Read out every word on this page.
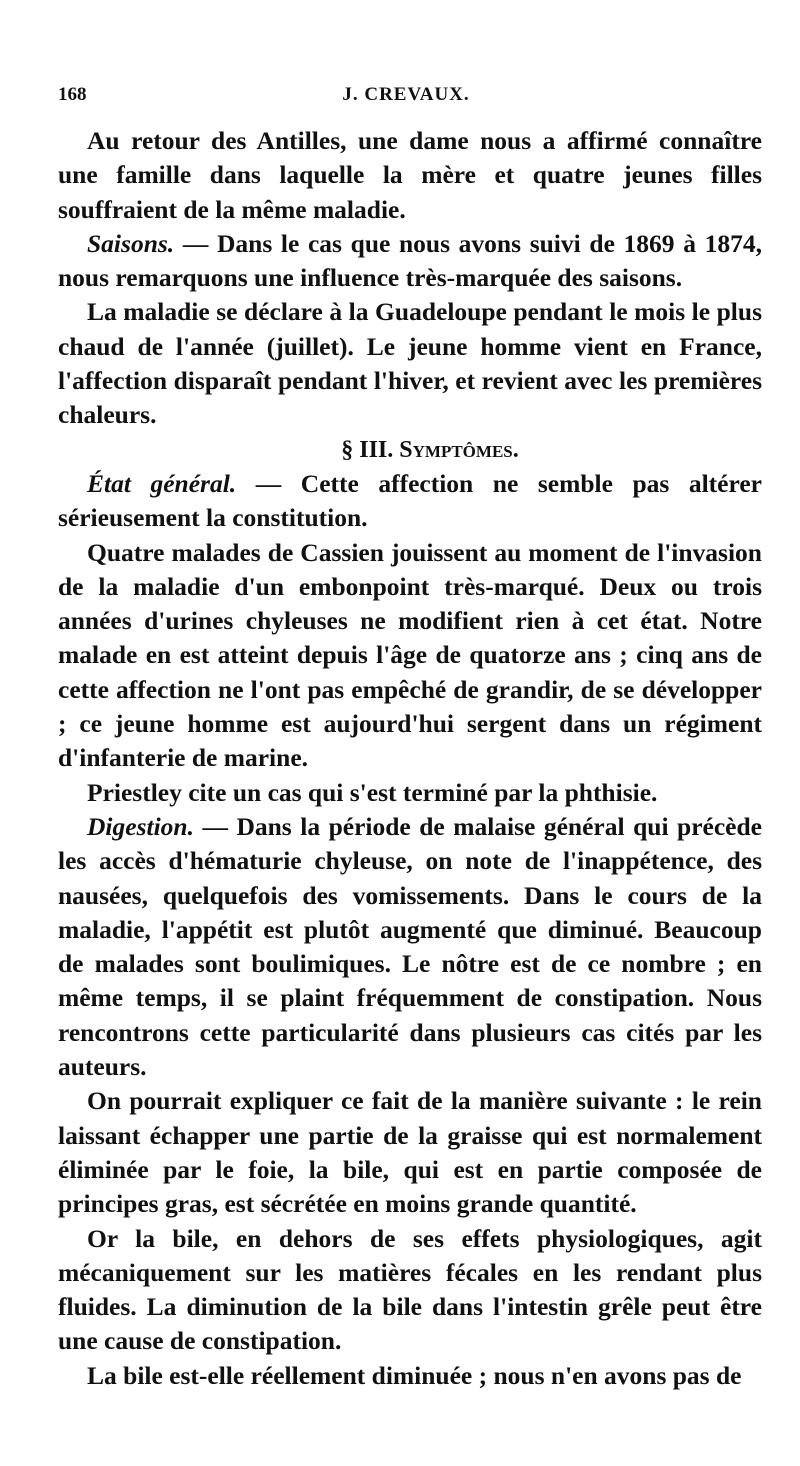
168	J. CREVAUX.

Au retour des Antilles, une dame nous a affirmé connaître une famille dans laquelle la mère et quatre jeunes filles souffraient de la même maladie.

Saisons. — Dans le cas que nous avons suivi de 1869 à 1874, nous remarquons une influence très-marquée des saisons.

La maladie se déclare à la Guadeloupe pendant le mois le plus chaud de l'année (juillet). Le jeune homme vient en France, l'affection disparaît pendant l'hiver, et revient avec les premières chaleurs.

§ III. Symptômes.

État général. — Cette affection ne semble pas altérer sérieusement la constitution.

Quatre malades de Cassien jouissent au moment de l'invasion de la maladie d'un embonpoint très-marqué. Deux ou trois années d'urines chyleuses ne modifient rien à cet état. Notre malade en est atteint depuis l'âge de quatorze ans ; cinq ans de cette affection ne l'ont pas empêché de grandir, de se développer ; ce jeune homme est aujourd'hui sergent dans un régiment d'infanterie de marine.

Priestley cite un cas qui s'est terminé par la phthisie.

Digestion. — Dans la période de malaise général qui précède les accès d'hématurie chyleuse, on note de l'inappétence, des nausées, quelquefois des vomissements. Dans le cours de la maladie, l'appétit est plutôt augmenté que diminué. Beaucoup de malades sont boulimiques. Le nôtre est de ce nombre ; en même temps, il se plaint fréquemment de constipation. Nous rencontrons cette particularité dans plusieurs cas cités par les auteurs.

On pourrait expliquer ce fait de la manière suivante : le rein laissant échapper une partie de la graisse qui est normalement éliminée par le foie, la bile, qui est en partie composée de principes gras, est sécrétée en moins grande quantité.

Or la bile, en dehors de ses effets physiologiques, agit mécaniquement sur les matières fécales en les rendant plus fluides. La diminution de la bile dans l'intestin grêle peut être une cause de constipation.

La bile est-elle réellement diminuée ; nous n'en avons pas de
